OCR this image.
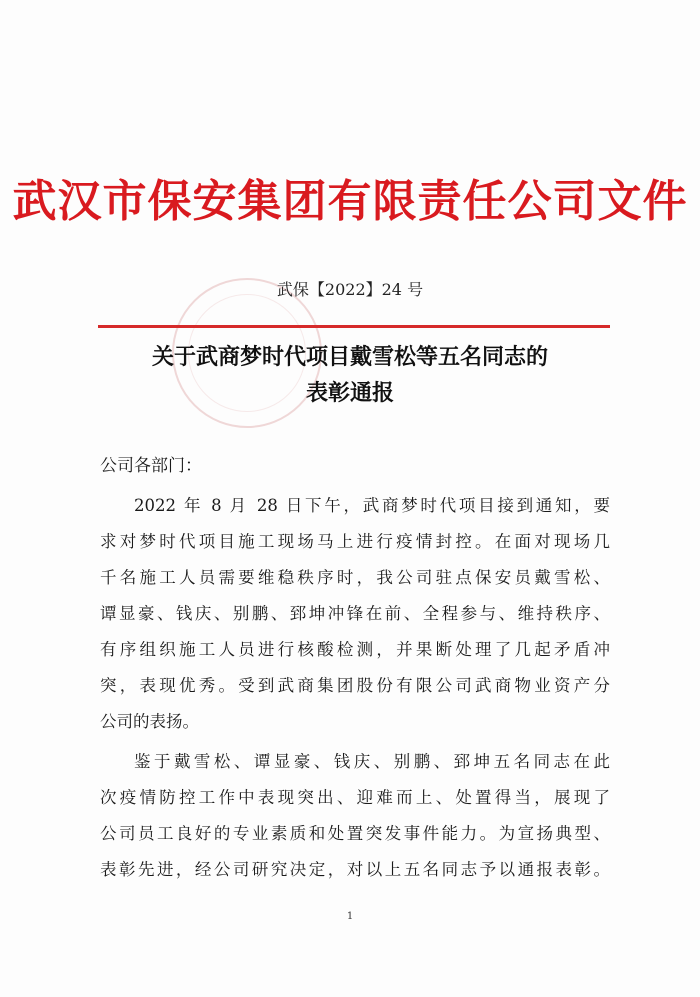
武汉市保安集团有限责任公司文件
武保【2022】24 号
关于武商梦时代项目戴雪松等五名同志的
表彰通报
公司各部门：
2022 年 8 月 28 日下午，武商梦时代项目接到通知，要
求对梦时代项目施工现场马上进行疫情封控。在面对现场几
千名施工人员需要维稳秩序时，我公司驻点保安员戴雪松、
谭显豪、钱庆、别鹏、郅坤冲锋在前、全程参与、维持秩序、
有序组织施工人员进行核酸检测，并果断处理了几起矛盾冲
突，表现优秀。受到武商集团股份有限公司武商物业资产分
公司的表扬。
鉴于戴雪松、谭显豪、钱庆、别鹏、郅坤五名同志在此
次疫情防控工作中表现突出、迎难而上、处置得当，展现了
公司员工良好的专业素质和处置突发事件能力。为宣扬典型、
表彰先进，经公司研究决定，对以上五名同志予以通报表彰。
1
